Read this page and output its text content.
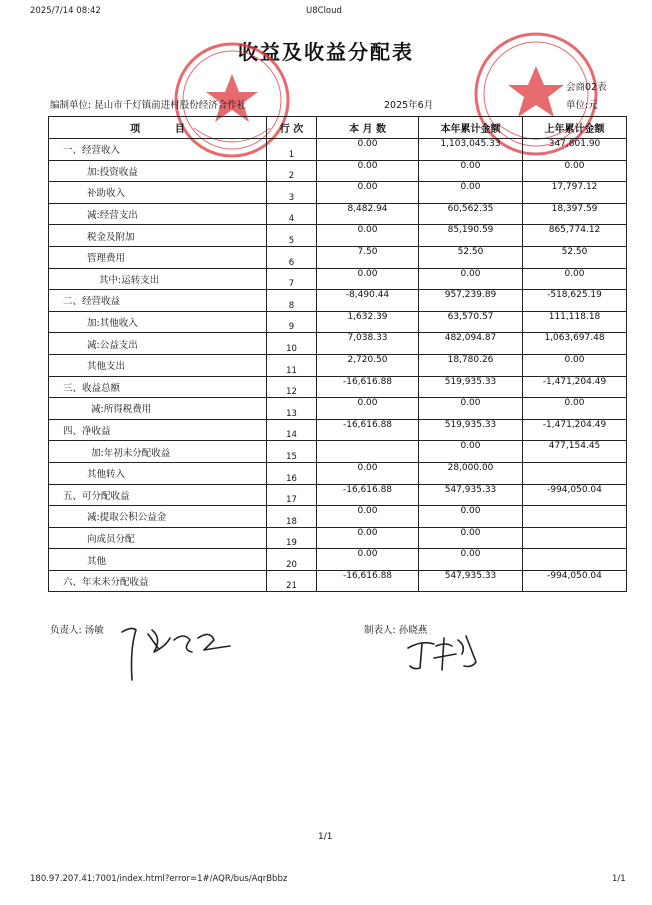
2025/7/14 08:42	U8Cloud
收益及收益分配表
会商02表
编制单位: 昆山市千灯镇前进村股份经济合作社	2025年6月	单位:元
项          目	行 次	本 月 数	本年累计金额	上年累计金额
一、经营收入	1	0.00	1,103,045.33	347,801.90
加:投资收益	2	0.00	0.00	0.00
补助收入	3	0.00	0.00	17,797.12
减:经营支出	4	8,482.94	60,562.35	18,397.59
税金及附加	5	0.00	85,190.59	865,774.12
管理费用	6	7.50	52.50	52.50
其中:运转支出	7	0.00	0.00	0.00
二、经营收益	8	-8,490.44	957,239.89	-518,625.19
加:其他收入	9	1,632.39	63,570.57	111,118.18
减:公益支出	10	7,038.33	482,094.87	1,063,697.48
其他支出	11	2,720.50	18,780.26	0.00
三、收益总额	12	-16,616.88	519,935.33	-1,471,204.49
减:所得税费用	13	0.00	0.00	0.00
四、净收益	14	-16,616.88	519,935.33	-1,471,204.49
加:年初未分配收益	15		0.00	477,154.45
其他转入	16	0.00	28,000.00	
五、可分配收益	17	-16,616.88	547,935.33	-994,050.04
减:提取公积公益金	18	0.00	0.00	
向成员分配	19	0.00	0.00	
其他	20	0.00	0.00	
六、年末未分配收益	21	-16,616.88	547,935.33	-994,050.04
负责人: 汤敏	制表人: 孙晓燕
1/1
180.97.207.41:7001/index.html?error=1#/AQR/bus/AqrBbbz	1/1
